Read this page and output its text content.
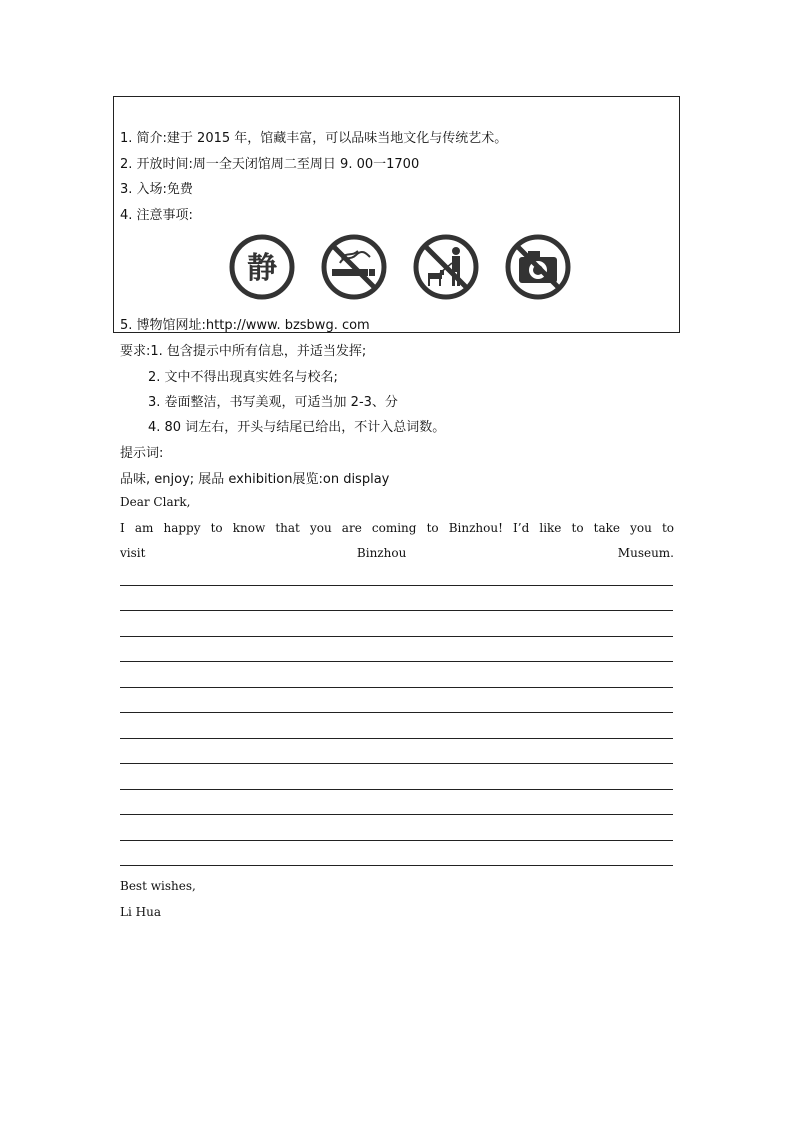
1. 简介:建于 2015 年，馆藏丰富，可以品味当地文化与传统艺术。
2. 开放时间:周一全天闭馆周二至周日 9. 00一1700
3. 入场:免费
4. 注意事项:
静
5. 博物馆网址:http://www. bzsbwg. com
要求:1. 包含提示中所有信息，并适当发挥;
2. 文中不得出现真实姓名与校名;
3. 卷面整洁，书写美观，可适当加 2-3、分
4. 80 词左右，开头与结尾已给出，不计入总词数。
提示词:
品味, enjoy; 展品 exhibition展览:on display
Dear Clark,
I am happy to know that you are coming to Binzhou! I’d like to take you to
visit	Binzhou	Museum.
Best wishes,
Li Hua
